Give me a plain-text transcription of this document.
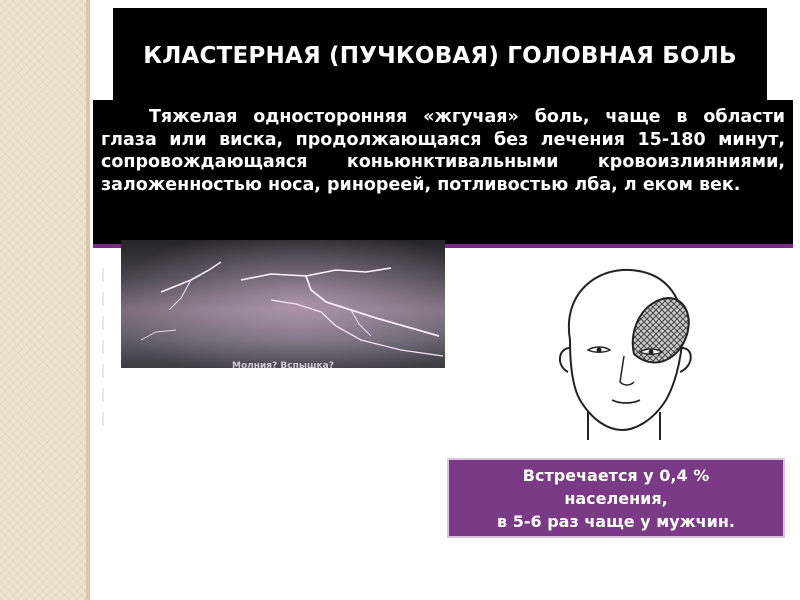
КЛАСТЕРНАЯ (ПУЧКОВАЯ) ГОЛОВНАЯ БОЛЬ
Тяжелая односторонняя «жгучая» боль, чаще в области глаза или виска, продолжающаяся без лечения 15-180 минут, сопровождающаяся коньюнктивальными кровоизлияниями, заложенностью носа, ринореей, потливостью лба, л еком век.
Молния? Вспышка?
Встречается у 0,4 %
населения,
в 5-6 раз чаще у мужчин.
